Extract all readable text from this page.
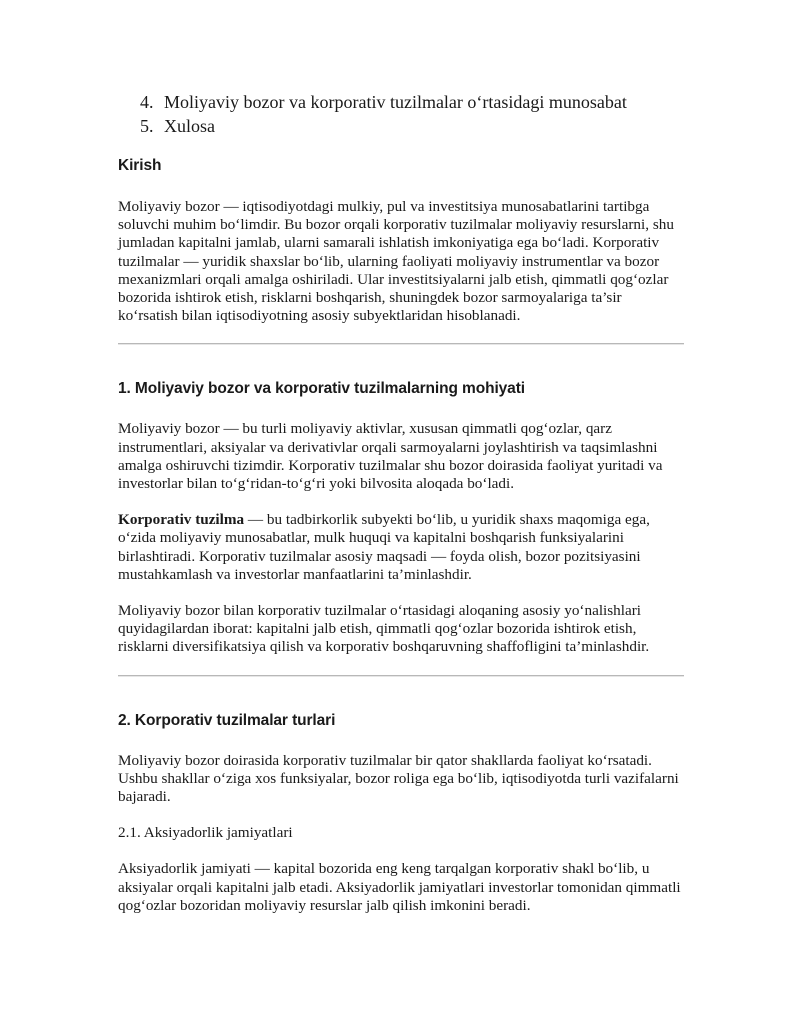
4. Moliyaviy bozor va korporativ tuzilmalar o‘rtasidagi munosabat
5. Xulosa
Kirish

Moliyaviy bozor — iqtisodiyotdagi mulkiy, pul va investitsiya munosabatlarini tartibga soluvchi muhim bo‘limdir. Bu bozor orqali korporativ tuzilmalar moliyaviy resurslarni, shu jumladan kapitalni jamlab, ularni samarali ishlatish imkoniyatiga ega bo‘ladi. Korporativ tuzilmalar — yuridik shaxslar bo‘lib, ularning faoliyati moliyaviy instrumentlar va bozor mexanizmlari orqali amalga oshiriladi. Ular investitsiyalarni jalb etish, qimmatli qog‘ozlar bozorida ishtirok etish, risklarni boshqarish, shuningdek bozor sarmoyalariga ta’sir ko‘rsatish bilan iqtisodiyotning asosiy subyektlaridan hisoblanadi.

1. Moliyaviy bozor va korporativ tuzilmalarning mohiyati

Moliyaviy bozor — bu turli moliyaviy aktivlar, xususan qimmatli qog‘ozlar, qarz instrumentlari, aksiyalar va derivativlar orqali sarmoyalarni joylashtirish va taqsimlashni amalga oshiruvchi tizimdir. Korporativ tuzilmalar shu bozor doirasida faoliyat yuritadi va investorlar bilan to‘g‘ridan-to‘g‘ri yoki bilvosita aloqada bo‘ladi.

Korporativ tuzilma — bu tadbirkorlik subyekti bo‘lib, u yuridik shaxs maqomiga ega, o‘zida moliyaviy munosabatlar, mulk huquqi va kapitalni boshqarish funksiyalarini birlashtiradi. Korporativ tuzilmalar asosiy maqsadi — foyda olish, bozor pozitsiyasini mustahkamlash va investorlar manfaatlarini ta’minlashdir.

Moliyaviy bozor bilan korporativ tuzilmalar o‘rtasidagi aloqaning asosiy yo‘nalishlari quyidagilardan iborat: kapitalni jalb etish, qimmatli qog‘ozlar bozorida ishtirok etish, risklarni diversifikatsiya qilish va korporativ boshqaruvning shaffofligini ta’minlashdir.

2. Korporativ tuzilmalar turlari

Moliyaviy bozor doirasida korporativ tuzilmalar bir qator shakllarda faoliyat ko‘rsatadi. Ushbu shakllar o‘ziga xos funksiyalar, bozor roliga ega bo‘lib, iqtisodiyotda turli vazifalarni bajaradi.

2.1. Aksiyadorlik jamiyatlari

Aksiyadorlik jamiyati — kapital bozorida eng keng tarqalgan korporativ shakl bo‘lib, u aksiyalar orqali kapitalni jalb etadi. Aksiyadorlik jamiyatlari investorlar tomonidan qimmatli qog‘ozlar bozoridan moliyaviy resurslar jalb qilish imkonini beradi.
